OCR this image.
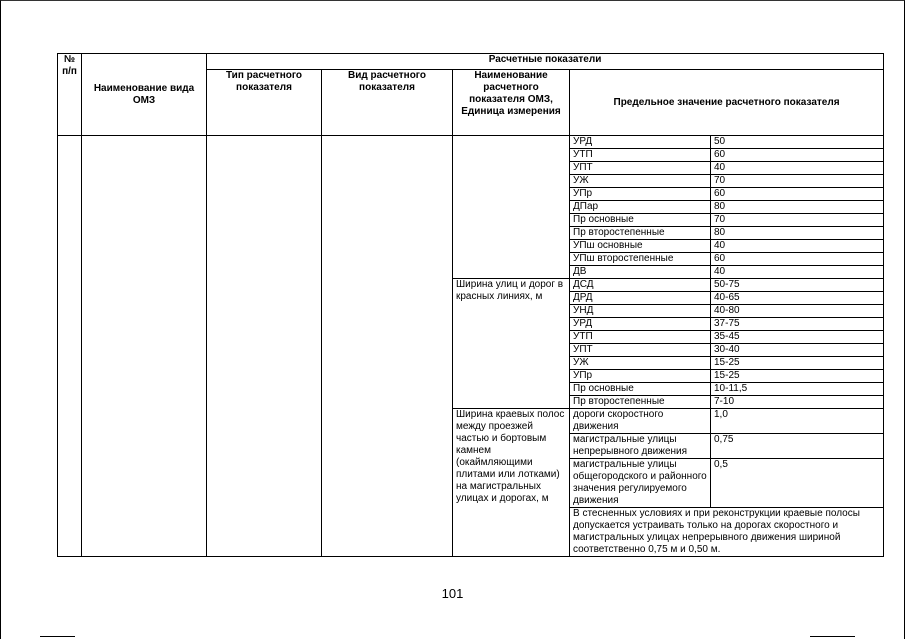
№ п/п	Наименование вида ОМЗ	Расчетные показатели				
		Тип расчетного показателя	Вид расчетного показателя	Наименование расчетного показателя ОМЗ, Единица измерения	Предельное значение расчетного показателя	
					УРД	50
					УТП	60
					УПТ	40
					УЖ	70
					УПр	60
					ДПар	80
					Пр основные	70
					Пр второстепенные	80
					УПш основные	40
					УПш второстепенные	60
					ДВ	40
				Ширина улиц и дорог в красных линиях, м	ДСД	50-75
					ДРД	40-65
					УНД	40-80
					УРД	37-75
					УТП	35-45
					УПТ	30-40
					УЖ	15-25
					УПр	15-25
					Пр основные	10-11,5
					Пр второстепенные	7-10
				Ширина краевых полос между проезжей частью и бортовым камнем (окаймляющими плитами или лотками) на магистральных улицах и дорогах, м	дороги скоростного движения	1,0
					магистральные улицы непрерывного движения	0,75
					магистральные улицы общегородского и районного значения регулируемого движения	0,5
					В стесненных условиях и при реконструкции краевые полосы допускается устраивать только на дорогах скоростного и магистральных улицах непрерывного движения шириной соответственно 0,75 м и 0,50 м.	
101
